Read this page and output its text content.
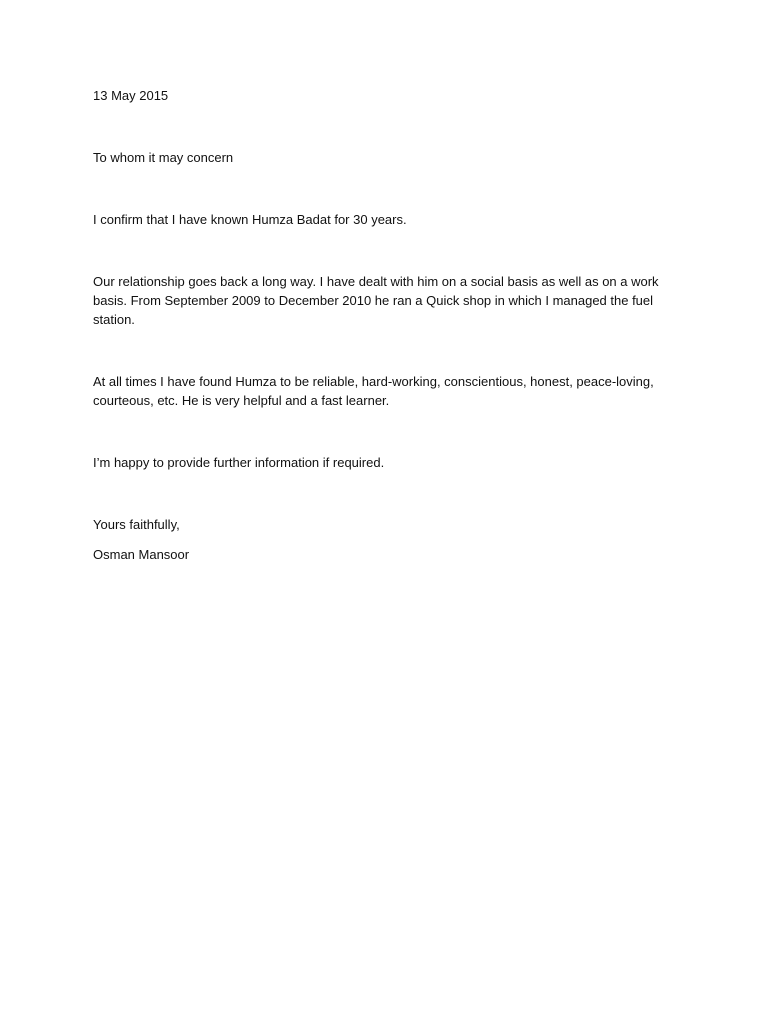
13 May 2015

To whom it may concern

I confirm that I have known Humza Badat for 30 years.

Our relationship goes back a long way. I have dealt with him on a social basis as well as on a work basis. From September 2009 to December 2010 he ran a Quick shop in which I managed the fuel station.

At all times I have found Humza to be reliable, hard-working, conscientious, honest, peace-loving, courteous, etc. He is very helpful and a fast learner.

I’m happy to provide further information if required.

Yours faithfully,

Osman Mansoor
